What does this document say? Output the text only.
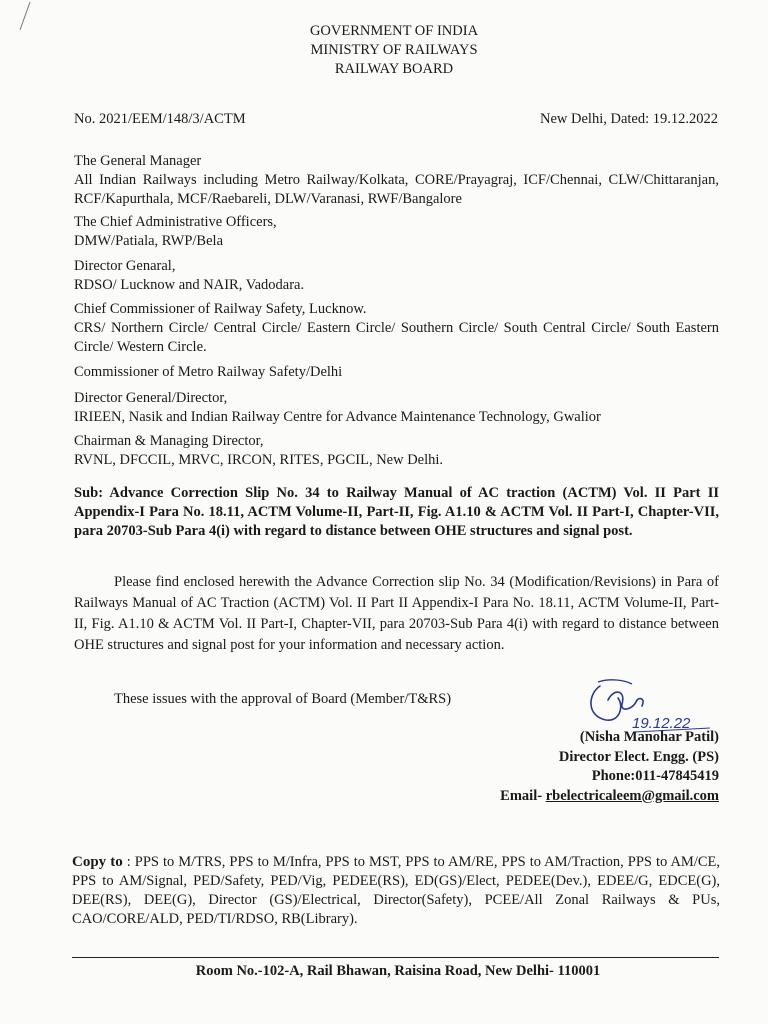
GOVERNMENT OF INDIA
MINISTRY OF RAILWAYS
RAILWAY BOARD
No. 2021/EEM/148/3/ACTM	New Delhi, Dated: 19.12.2022
The General Manager
All Indian Railways including Metro Railway/Kolkata, CORE/Prayagraj, ICF/Chennai, CLW/Chittaranjan, RCF/Kapurthala, MCF/Raebareli, DLW/Varanasi, RWF/Bangalore
The Chief Administrative Officers,
DMW/Patiala, RWP/Bela
Director Genaral,
RDSO/ Lucknow and NAIR, Vadodara.
Chief Commissioner of Railway Safety, Lucknow.
CRS/ Northern Circle/ Central Circle/ Eastern Circle/ Southern Circle/ South Central Circle/ South Eastern Circle/ Western Circle.
Commissioner of Metro Railway Safety/Delhi
Director General/Director,
IRIEEN, Nasik and Indian Railway Centre for Advance Maintenance Technology, Gwalior
Chairman & Managing Director,
RVNL, DFCCIL, MRVC, IRCON, RITES, PGCIL, New Delhi.
Sub: Advance Correction Slip No. 34 to Railway Manual of AC traction (ACTM) Vol. II Part II Appendix-I Para No. 18.11, ACTM Volume-II, Part-II, Fig. A1.10 & ACTM Vol. II Part-I, Chapter-VII, para 20703-Sub Para 4(i) with regard to distance between OHE structures and signal post.
Please find enclosed herewith the Advance Correction slip No. 34 (Modification/Revisions) in Para of Railways Manual of AC Traction (ACTM) Vol. II Part II Appendix-I Para No. 18.11, ACTM Volume-II, Part-II, Fig. A1.10 & ACTM Vol. II Part-I, Chapter-VII, para 20703-Sub Para 4(i) with regard to distance between OHE structures and signal post for your information and necessary action.
These issues with the approval of Board (Member/T&RS)
19.12.22
(Nisha Manohar Patil)
Director Elect. Engg. (PS)
Phone:011-47845419
Email- rbelectricaleem@gmail.com
Copy to : PPS to M/TRS, PPS to M/Infra, PPS to MST, PPS to AM/RE, PPS to AM/Traction, PPS to AM/CE, PPS to AM/Signal, PED/Safety, PED/Vig, PEDEE(RS), ED(GS)/Elect, PEDEE(Dev.), EDEE/G, EDCE(G), DEE(RS), DEE(G), Director (GS)/Electrical, Director(Safety), PCEE/All Zonal Railways & PUs, CAO/CORE/ALD, PED/TI/RDSO, RB(Library).
Room No.-102-A, Rail Bhawan, Raisina Road, New Delhi- 110001
